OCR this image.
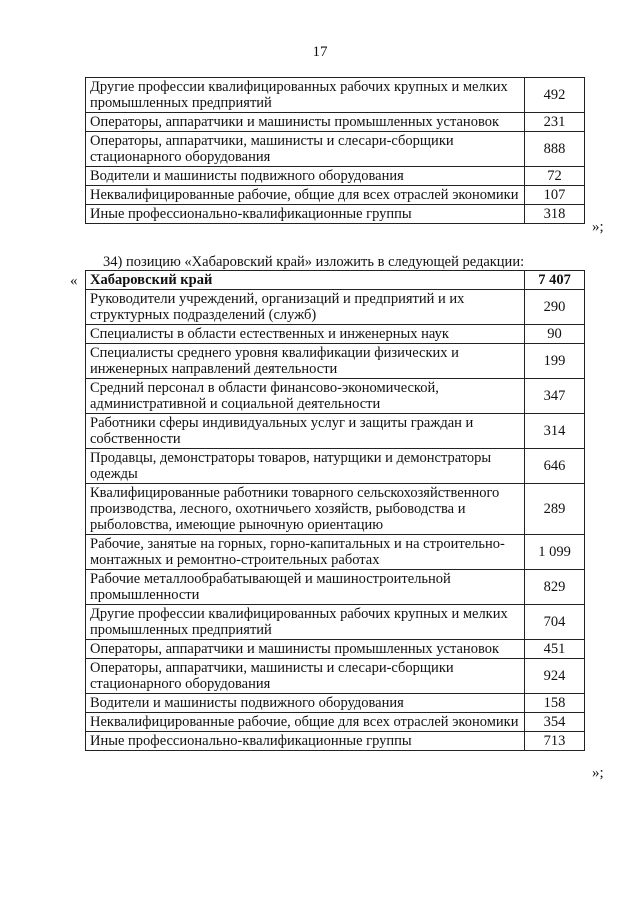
17
Другие профессии квалифицированных рабочих крупных и мелких промышленных предприятий	492
Операторы, аппаратчики и машинисты промышленных установок	231
Операторы, аппаратчики, машинисты и слесари-сборщики стационарного оборудования	888
Водители и машинисты подвижного оборудования	72
Неквалифицированные рабочие, общие для всех отраслей экономики	107
Иные профессионально-квалификационные группы	318
»;
34) позицию «Хабаровский край» изложить в следующей редакции:
« Хабаровский край	7 407
Руководители учреждений, организаций и предприятий и их структурных подразделений (служб)	290
Специалисты в области естественных и инженерных наук	90
Специалисты среднего уровня квалификации физических и инженерных направлений деятельности	199
Средний персонал в области финансово-экономической, административной и социальной деятельности	347
Работники сферы индивидуальных услуг и защиты граждан и собственности	314
Продавцы, демонстраторы товаров, натурщики и демонстраторы одежды	646
Квалифицированные работники товарного сельскохозяйственного производства, лесного, охотничьего хозяйств, рыбоводства и рыболовства, имеющие рыночную ориентацию	289
Рабочие, занятые на горных, горно-капитальных и на строительно-монтажных и ремонтно-строительных работах	1 099
Рабочие металлообрабатывающей и машиностроительной промышленности	829
Другие профессии квалифицированных рабочих крупных и мелких промышленных предприятий	704
Операторы, аппаратчики и машинисты промышленных установок	451
Операторы, аппаратчики, машинисты и слесари-сборщики стационарного оборудования	924
Водители и машинисты подвижного оборудования	158
Неквалифицированные рабочие, общие для всех отраслей экономики	354
Иные профессионально-квалификационные группы	713
»;
